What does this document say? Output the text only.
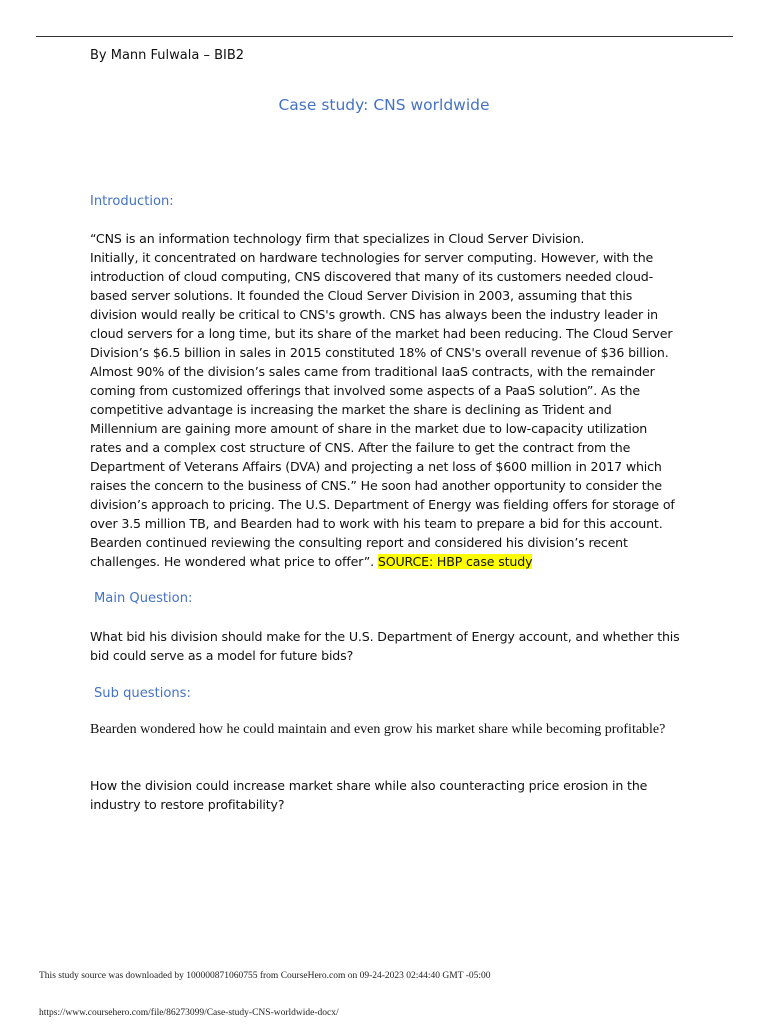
By Mann Fulwala – BIB2
Case study: CNS worldwide
Introduction:
“CNS is an information technology firm that specializes in Cloud Server Division.
Initially, it concentrated on hardware technologies for server computing. However, with the introduction of cloud computing, CNS discovered that many of its customers needed cloud-based server solutions. It founded the Cloud Server Division in 2003, assuming that this division would really be critical to CNS's growth. CNS has always been the industry leader in cloud servers for a long time, but its share of the market had been reducing. The Cloud Server Division’s $6.5 billion in sales in 2015 constituted 18% of CNS's overall revenue of $36 billion. Almost 90% of the division’s sales came from traditional IaaS contracts, with the remainder coming from customized offerings that involved some aspects of a PaaS solution”. As the competitive advantage is increasing the market the share is declining as Trident and Millennium are gaining more amount of share in the market due to low-capacity utilization rates and a complex cost structure of CNS. After the failure to get the contract from the Department of Veterans Affairs (DVA) and projecting a net loss of $600 million in 2017 which raises the concern to the business of CNS.” He soon had another opportunity to consider the division’s approach to pricing. The U.S. Department of Energy was fielding offers for storage of over 3.5 million TB, and Bearden had to work with his team to prepare a bid for this account. Bearden continued reviewing the consulting report and considered his division’s recent challenges. He wondered what price to offer”. SOURCE: HBP case study
Main Question:
What bid his division should make for the U.S. Department of Energy account, and whether this bid could serve as a model for future bids?
Sub questions:
Bearden wondered how he could maintain and even grow his market share while becoming profitable?
How the division could increase market share while also counteracting price erosion in the industry to restore profitability?
This study source was downloaded by 100000871060755 from CourseHero.com on 09-24-2023 02:44:40 GMT -05:00
https://www.coursehero.com/file/86273099/Case-study-CNS-worldwide-docx/
